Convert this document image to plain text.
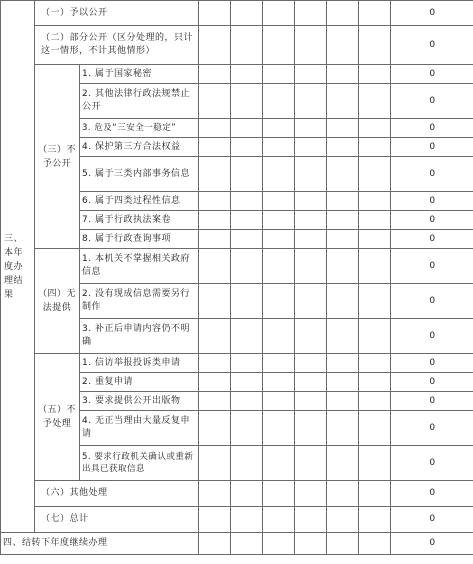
三、本年度办理结果	（一）予以公开								0
	（二）部分公开（区分处理的，只计这一情形，不计其他情形）								0
	（三）不予公开	1. 属于国家秘密							0
		2. 其他法律行政法规禁止公开							0
		3. 危及“三安全一稳定”							0
		4. 保护第三方合法权益							0
		5. 属于三类内部事务信息							0
		6. 属于四类过程性信息							0
		7. 属于行政执法案卷							0
		8. 属于行政查询事项							0
	（四）无法提供	1. 本机关不掌握相关政府信息							0
		2. 没有现成信息需要另行制作							0
		3. 补正后申请内容仍不明确							0
	（五）不予处理	1. 信访举报投诉类申请							0
		2. 重复申请							0
		3. 要求提供公开出版物							0
		4. 无正当理由大量反复申请							0
		5. 要求行政机关确认或重新出具已获取信息							0
	（六）其他处理								0
	（七）总计								0
四、结转下年度继续办理									0
